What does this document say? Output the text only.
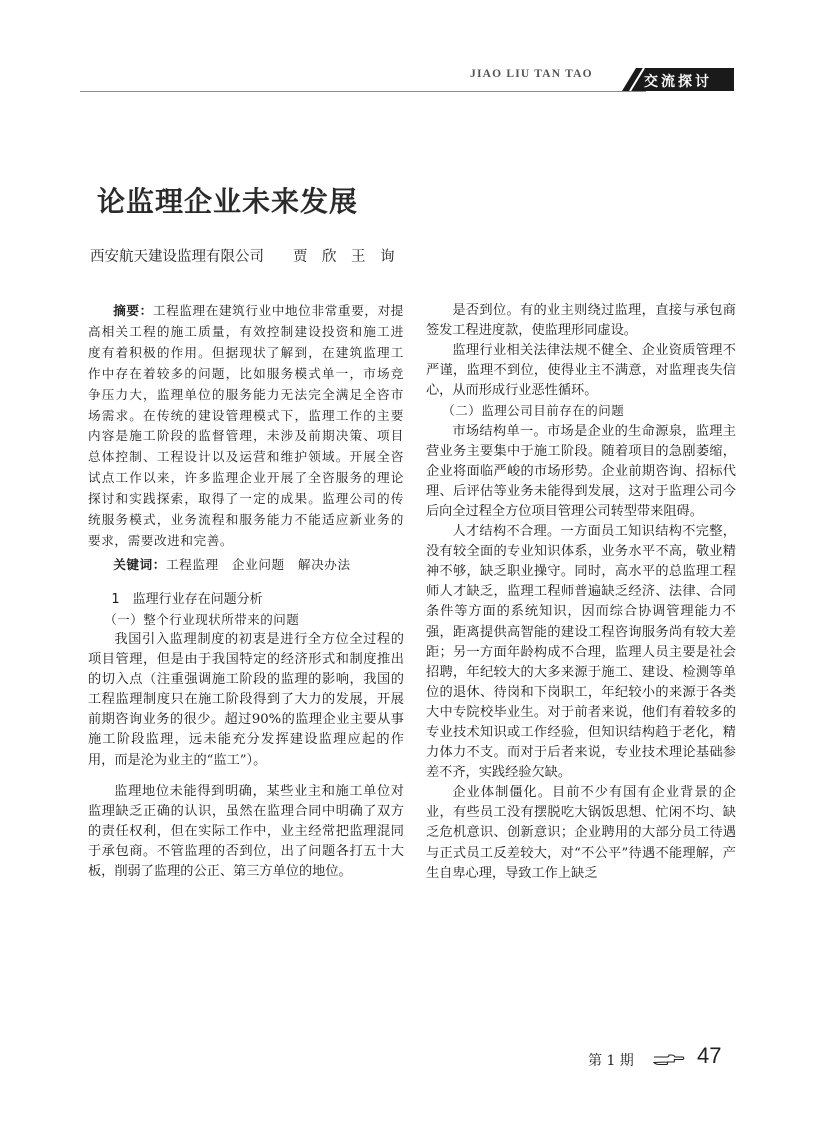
JIAO LIU TAN TAO	交流探讨
论监理企业未来发展
西安航天建设监理有限公司　　贾　欣　王　询

摘要：工程监理在建筑行业中地位非常重要，对提高相关工程的施工质量，有效控制建设投资和施工进度有着积极的作用。但据现状了解到，在建筑监理工作中存在着较多的问题，比如服务模式单一，市场竞争压力大，监理单位的服务能力无法完全满足全咨市场需求。在传统的建设管理模式下，监理工作的主要内容是施工阶段的监督管理，未涉及前期决策、项目总体控制、工程设计以及运营和维护领域。开展全咨试点工作以来，许多监理企业开展了全咨服务的理论探讨和实践探索，取得了一定的成果。监理公司的传统服务模式，业务流程和服务能力不能适应新业务的要求，需要改进和完善。

关键词：工程监理　企业问题　解决办法

1　监理行业存在问题分析

（一）整个行业现状所带来的问题

我国引入监理制度的初衷是进行全方位全过程的项目管理，但是由于我国特定的经济形式和制度推出的切入点（注重强调施工阶段的监理的影响，我国的工程监理制度只在施工阶段得到了大力的发展，开展前期咨询业务的很少。超过90%的监理企业主要从事施工阶段监理，远未能充分发挥建设监理应起的作用，而是沦为业主的“监工”）。

监理地位未能得到明确，某些业主和施工单位对监理缺乏正确的认识，虽然在监理合同中明确了双方的责任权利，但在实际工作中，业主经常把监理混同于承包商。不管监理的否到位，出了问题各打五十大板，削弱了监理的公正、第三方单位的地位。

是否到位。有的业主则绕过监理，直接与承包商签发工程进度款，使监理形同虚设。

监理行业相关法律法规不健全、企业资质管理不严谨，监理不到位，使得业主不满意，对监理丧失信心，从而形成行业恶性循环。

（二）监理公司目前存在的问题

市场结构单一。市场是企业的生命源泉，监理主营业务主要集中于施工阶段。随着项目的急剧萎缩，企业将面临严峻的市场形势。企业前期咨询、招标代理、后评估等业务未能得到发展，这对于监理公司今后向全过程全方位项目管理公司转型带来阻碍。

人才结构不合理。一方面员工知识结构不完整，没有较全面的专业知识体系，业务水平不高，敬业精神不够，缺乏职业操守。同时，高水平的总监理工程师人才缺乏，监理工程师普遍缺乏经济、法律、合同条件等方面的系统知识，因而综合协调管理能力不强，距离提供高智能的建设工程咨询服务尚有较大差距；另一方面年龄构成不合理，监理人员主要是社会招聘，年纪较大的大多来源于施工、建设、检测等单位的退休、待岗和下岗职工，年纪较小的来源于各类大中专院校毕业生。对于前者来说，他们有着较多的专业技术知识或工作经验，但知识结构趋于老化，精力体力不支。而对于后者来说，专业技术理论基础参差不齐，实践经验欠缺。

企业体制僵化。目前不少有国有企业背景的企业，有些员工没有摆脱吃大锅饭思想、忙闲不均、缺乏危机意识、创新意识；企业聘用的大部分员工待遇与正式员工反差较大，对“不公平”待遇不能理解，产生自卑心理，导致工作上缺乏

第 1 期	47
